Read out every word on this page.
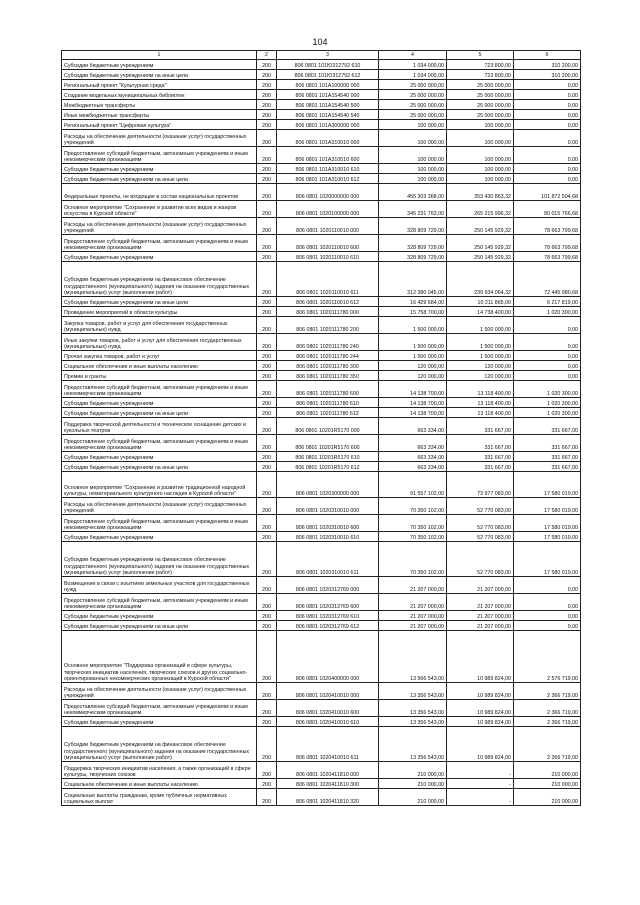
104
1	2	3	4	5	6
Субсидии бюджетным учреждениям	200	806 0801 101Ю312792 610	1 034 000,00	723 800,00	310 200,00
Субсидии бюджетным учреждениям на иные цели	200	806 0801 101Ю312792 612	1 034 000,00	723 800,00	310 200,00
Региональный проект "Культурная среда"	200	806 0801 101А100000 000	25 000 000,00	25 000 000,00	0,00
Создание модельных муниципальных библиотек	200	806 0801 101А154540 000	25 000 000,00	25 000 000,00	0,00
Межбюджетные трансферты	200	806 0801 101А154540 500	25 000 000,00	25 000 000,00	0,00
Иные межбюджетные трансферты	200	806 0801 101А154540 540	25 000 000,00	25 000 000,00	0,00
Региональный проект "Цифровая культура"	200	806 0801 101А300000 000	100 000,00	100 000,00	0,00
Расходы на обеспечение деятельности (оказание услуг) государственных учреждений	200	806 0801 101А310010 000	100 000,00	100 000,00	0,00
Предоставление субсидий бюджетным, автономным учреждениям и иным некоммерческим организациям	200	806 0801 101А310010 600	100 000,00	100 000,00	0,00
Субсидии бюджетным учреждениям	200	806 0801 101А310010 610	100 000,00	100 000,00	0,00
Субсидии бюджетным учреждениям на иные цели	200	806 0801 101А310010 612	100 000,00	100 000,00	0,00
Федеральные проекты, не входящие в состав национальных проектов	200	806 0801 1020000000 000	455 303 368,00	353 430 863,32	101 872 504,68
Основное мероприятие "Сохранение и развитие всех видов и жанров искусства в Курской области"	200	806 0801 1020100000 000	345 231 763,00	265 215 996,32	80 015 766,68
Расходы на обеспечение деятельности (оказание услуг) государственных учреждений	200	806 0801 1020110010 000	328 809 729,00	250 145 929,32	78 663 799,68
Предоставление субсидий бюджетным, автономным учреждениям и иным некоммерческим организациям	200	806 0801 1020110010 600	328 809 729,00	250 145 929,32	78 663 799,68
Субсидии бюджетным учреждениям	200	806 0801 1020110010 610	328 809 729,00	250 145 929,32	78 663 799,68
Субсидии бюджетным учреждениям на финансовое обеспечение государственного (муниципального) задания на оказание государственных (муниципальных) услуг (выполнение работ)	200	806 0801 1020110010 611	312 380 045,00	239 934 064,32	72 445 980,68
Субсидии бюджетным учреждениям на иные цели	200	806 0801 1020110010 612	16 429 684,00	10 211 865,00	6 217 819,00
Проведение мероприятий в области культуры	200	806 0801 1020111780 000	15 758 700,00	14 738 400,00	1 020 300,00
Закупка товаров, работ и услуг для обеспечения государственных (муниципальных) нужд	200	806 0801 1020111780 200	1 500 000,00	1 500 000,00	0,00
Иные закупки товаров, работ и услуг для обеспечения государственных (муниципальных) нужд	200	806 0801 1020111780 240	1 500 000,00	1 500 000,00	0,00
Прочая закупка товаров, работ и услуг	200	806 0801 1020111780 244	1 500 000,00	1 500 000,00	0,00
Социальное обеспечение и иные выплаты населению	200	806 0801 1020111780 300	120 000,00	120 000,00	0,00
Премии и гранты	200	806 0801 1020111780 350	120 000,00	120 000,00	0,00
Предоставление субсидий бюджетным, автономным учреждениям и иным некоммерческим организациям	200	806 0801 1020111780 600	14 138 700,00	13 118 400,00	1 020 300,00
Субсидии бюджетным учреждениям	200	806 0801 1020111780 610	14 138 700,00	13 118 400,00	1 020 300,00
Субсидии бюджетным учреждениям на иные цели	200	806 0801 1020111780 612	14 138 700,00	13 118 400,00	1 020 300,00
Поддержка творческой деятельности и техническое оснащение детских и кукольных театров	200	806 0801 10201R5170 000	663 334,00	331 667,00	331 667,00
Предоставление субсидий бюджетным, автономным учреждениям и иным некоммерческим организациям	200	806 0801 10201R5170 600	663 334,00	331 667,00	331 667,00
Субсидии бюджетным учреждениям	200	806 0801 10201R5170 610	663 334,00	331 667,00	331 667,00
Субсидии бюджетным учреждениям на иные цели	200	806 0801 10201R5170 612	663 334,00	331 667,00	331 667,00
Основное мероприятие "Сохранение и развитие традиционной народной культуры, нематериального культурного наследия в Курской области"	200	806 0801 1020300000 000	91 557 102,00	73 977 083,00	17 580 019,00
Расходы на обеспечение деятельности (оказание услуг) государственных учреждений	200	806 0801 1020310010 000	70 350 102,00	52 770 083,00	17 580 019,00
Предоставление субсидий бюджетным, автономным учреждениям и иным некоммерческим организациям	200	806 0801 1020310010 600	70 350 102,00	52 770 083,00	17 580 019,00
Субсидии бюджетным учреждениям	200	806 0801 1020310010 610	70 350 102,00	52 770 083,00	17 580 019,00
Субсидии бюджетным учреждениям на финансовое обеспечение государственного (муниципального) задания на оказание государственных (муниципальных) услуг (выполнение работ)	200	806 0801 1020310010 611	70 350 102,00	52 770 083,00	17 580 019,00
Возмещение в связи с изъятием земельных участков для государственных нужд	200	806 0801 1020312769 000	21 207 000,00	21 207 000,00	0,00
Предоставление субсидий бюджетным, автономным учреждениям и иным некоммерческим организациям	200	806 0801 1020312769 600	21 207 000,00	21 207 000,00	0,00
Субсидии бюджетным учреждениям	200	806 0801 1020312769 610	21 207 000,00	21 207 000,00	0,00
Субсидии бюджетным учреждениям на иные цели	200	806 0801 1020312769 612	21 207 000,00	21 207 000,00	0,00
Основное мероприятие "Поддержка организаций в сфере культуры, творческих инициатив населения, творческих союзов и других социально-ориентированных некоммерческих организаций в Курской области"	200	806 0801 1020400000 000	13 566 543,00	10 989 824,00	2 576 719,00
Расходы на обеспечение деятельности (оказание услуг) государственных учреждений	200	806 0801 1020410010 000	13 356 543,00	10 989 824,00	2 366 719,00
Предоставление субсидий бюджетным, автономным учреждениям и иным некоммерческим организациям	200	806 0801 1020410010 600	13 356 543,00	10 989 824,00	2 366 719,00
Субсидии бюджетным учреждениям	200	806 0801 1020410010 610	13 356 543,00	10 989 824,00	2 366 719,00
Субсидии бюджетным учреждениям на финансовое обеспечение государственного (муниципального) задания на оказание государственных (муниципальных) услуг (выполнение работ)	200	806 0801 1020410010 611	13 356 543,00	10 989 824,00	2 366 719,00
Поддержка творческих инициатив населения, а также организаций в сфере культуры, творческих союзов	200	806 0801 1020411810 000	210 000,00	-	210 000,00
Социальное обеспечение и иные выплаты населению	200	806 0801 1020411810 300	210 000,00	-	210 000,00
Социальные выплаты гражданам, кроме публичных нормативных социальных выплат	200	806 0801 1020411810 320	210 000,00	-	210 000,00
